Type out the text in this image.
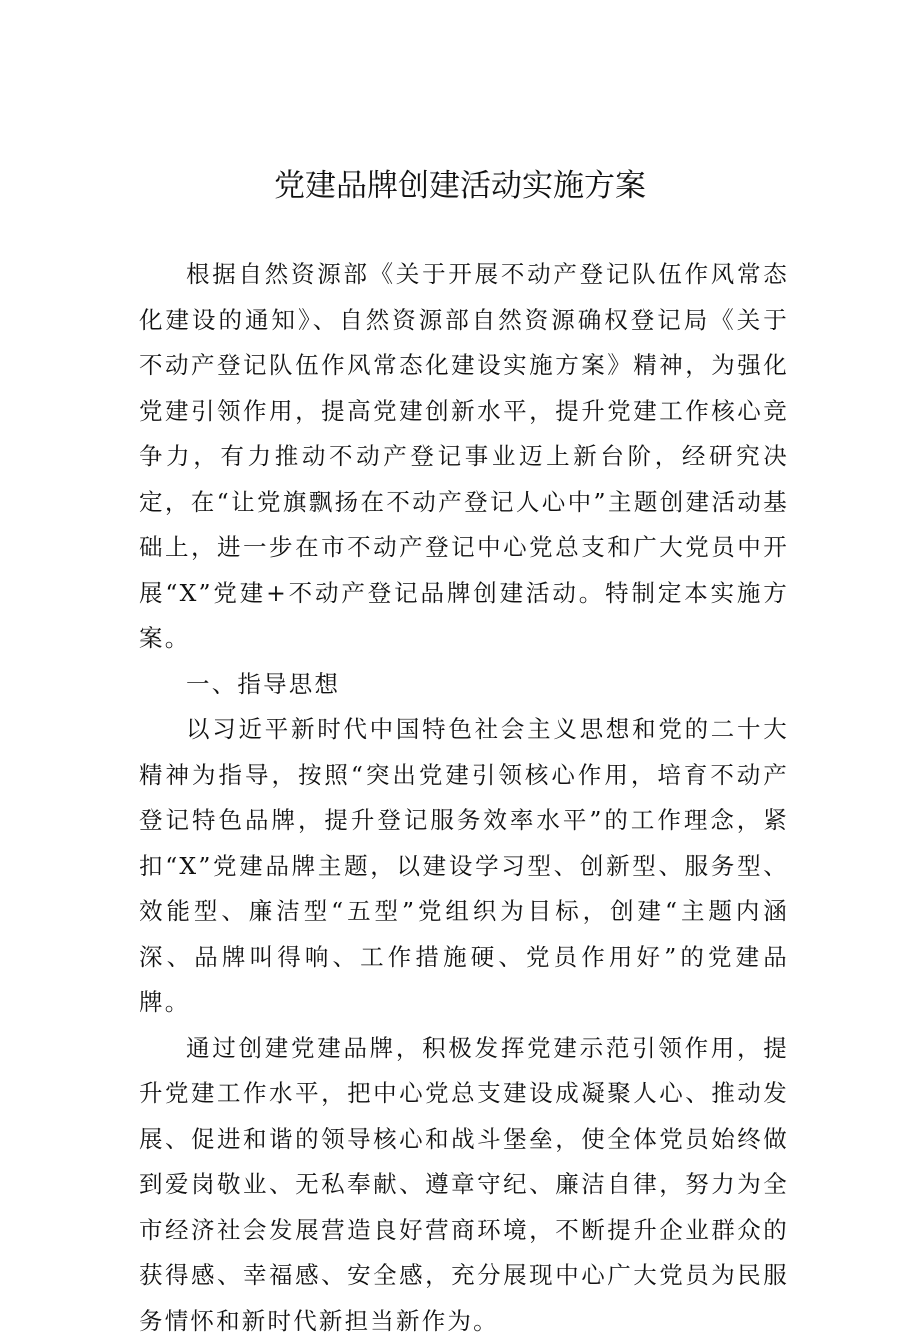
党建品牌创建活动实施方案

根据自然资源部《关于开展不动产登记队伍作风常态化建设的通知》、自然资源部自然资源确权登记局《关于不动产登记队伍作风常态化建设实施方案》精神，为强化党建引领作用，提高党建创新水平，提升党建工作核心竞争力，有力推动不动产登记事业迈上新台阶，经研究决定，在“让党旗飘扬在不动产登记人心中”主题创建活动基础上，进一步在市不动产登记中心党总支和广大党员中开展“X”党建+不动产登记品牌创建活动。特制定本实施方案。

一、指导思想

以习近平新时代中国特色社会主义思想和党的二十大精神为指导，按照“突出党建引领核心作用，培育不动产登记特色品牌，提升登记服务效率水平”的工作理念，紧扣“X”党建品牌主题，以建设学习型、创新型、服务型、效能型、廉洁型“五型”党组织为目标，创建“主题内涵深、品牌叫得响、工作措施硬、党员作用好”的党建品牌。

通过创建党建品牌，积极发挥党建示范引领作用，提升党建工作水平，把中心党总支建设成凝聚人心、推动发展、促进和谐的领导核心和战斗堡垒，使全体党员始终做到爱岗敬业、无私奉献、遵章守纪、廉洁自律，努力为全市经济社会发展营造良好营商环境，不断提升企业群众的获得感、幸福感、安全感，充分展现中心广大党员为民服务情怀和新时代新担当新作为。
